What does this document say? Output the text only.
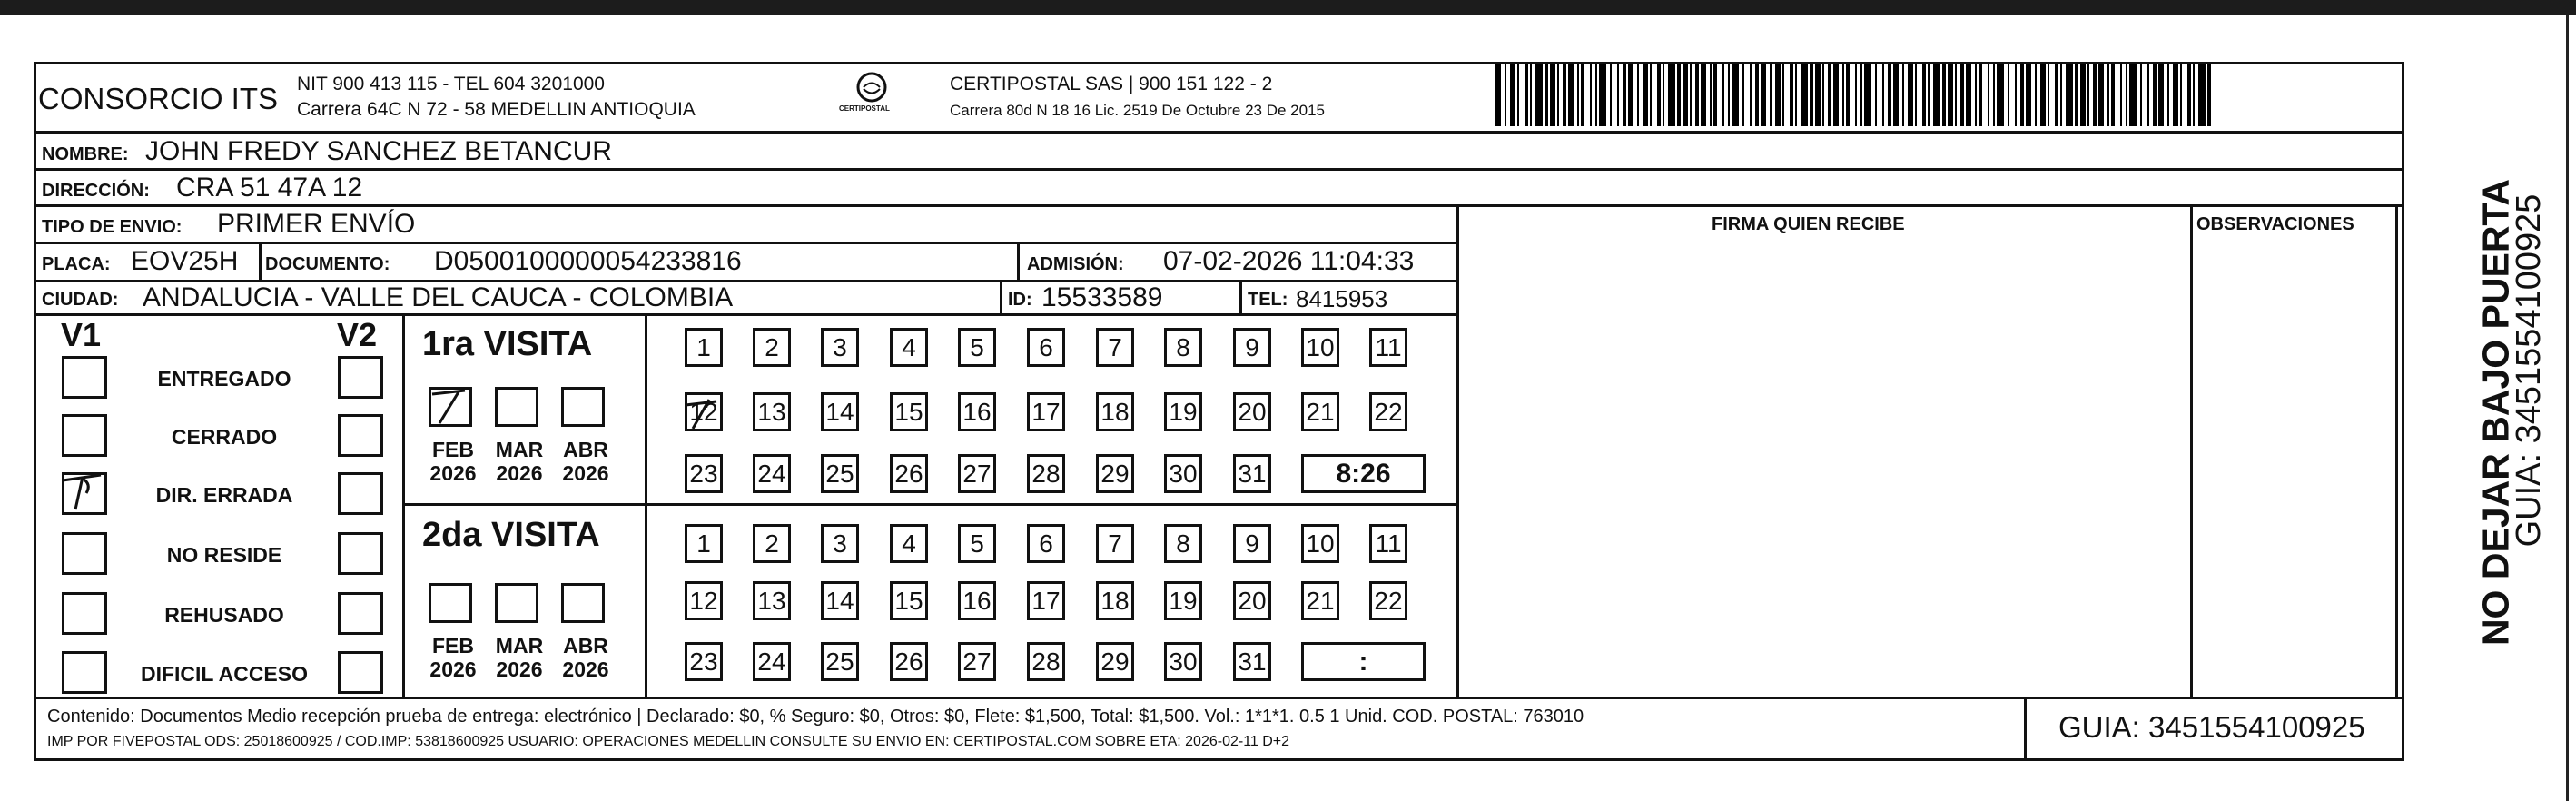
CONSORCIO ITS NIT 900 413 115 - TEL 604 3201000
Carrera 64C N 72 - 58 MEDELLIN ANTIOQUIA	CERTIPOSTAL
CERTIPOSTAL SAS | 900 151 122 - 2
Carrera 80d N 18 16 Lic. 2519 De Octubre 23 De 2015
NOMBRE: JOHN FREDY SANCHEZ BETANCUR
DIRECCIÓN: CRA 51 47A 12
TIPO DE ENVIO: PRIMER ENVÍO	FIRMA QUIEN RECIBE	OBSERVACIONES
PLACA: EOV25H DOCUMENTO: D0500100000054233816	ADMISIÓN: 07-02-2026 11:04:33
CIUDAD: ANDALUCIA - VALLE DEL CAUCA - COLOMBIA	ID: 15533589	TEL: 8415953
V1	V2 1ra VISITA
2da VISITA
Contenido: Documentos Medio recepción prueba de entrega: electrónico | Declarado: $0, % Seguro: $0, Otros: $0, Flete: $1,500, Total: $1,500. Vol.: 1*1*1. 0.5 1 Unid. COD. POSTAL: 763010
IMP POR FIVEPOSTAL ODS: 25018600925 / COD.IMP: 53818600925 USUARIO: OPERACIONES MEDELLIN CONSULTE SU ENVIO EN: CERTIPOSTAL.COM SOBRE ETA: 2026-02-11 D+2	GUIA: 3451554100925
NO DEJAR BAJO PUERTA
GUIA: 3451554100925
ENTREGADO
CERRADO
DIR. ERRADA
NO RESIDE
REHUSADO
DIFICIL ACCESO
FEB
2026
MAR
2026
ABR
2026
FEB
2026
MAR
2026
ABR
2026
1	2	3	4	5	6	7	8	9	10 11
12 13 14 15 16 17 18 19 20 21 22
23 24 25 26 27 28 29 30 31	8:26
1	2	3	4	5	6	7	8	9	10 11
12 13 14 15 16 17 18 19 20 21 22
23 24 25 26 27 28 29 30 31	:
